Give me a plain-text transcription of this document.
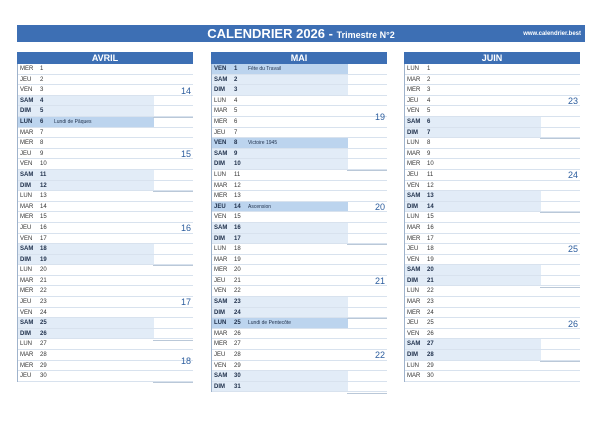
CALENDRIER 2026 - Trimestre N°2	www.calendrier.best
AVRIL
MER 1
JEU 2
VEN 3
SAM 4
DIM 5
LUN 6 Lundi de Pâques
MAR 7
MER 8
JEU 9
VEN 10
SAM 11
DIM 12
LUN 13
MAR 14
MER 15
JEU 16
VEN 17
SAM 18
DIM 19
LUN 20
MAR 21
MER 22
JEU 23
VEN 24
SAM 25
DIM 26
LUN 27
MAR 28
MER 29
JEU 30
14
15
16
17
18
MAI
VEN 1 Fête du Travail
SAM 2
DIM 3
LUN 4
MAR 5
MER 6
JEU 7
VEN 8 Victoire 1945
SAM 9
DIM 10
LUN 11
MAR 12
MER 13
JEU 14 Ascension
VEN 15
SAM 16
DIM 17
LUN 18
MAR 19
MER 20
JEU 21
VEN 22
SAM 23
DIM 24
LUN 25 Lundi de Pentecôte
MAR 26
MER 27
JEU 28
VEN 29
SAM 30
DIM 31
19
20
21
22
JUIN
LUN 1
MAR 2
MER 3
JEU 4
VEN 5
SAM 6
DIM 7
LUN 8
MAR 9
MER 10
JEU 11
VEN 12
SAM 13
DIM 14
LUN 15
MAR 16
MER 17
JEU 18
VEN 19
SAM 20
DIM 21
LUN 22
MAR 23
MER 24
JEU 25
VEN 26
SAM 27
DIM 28
LUN 29
MAR 30
23
24
25
26
